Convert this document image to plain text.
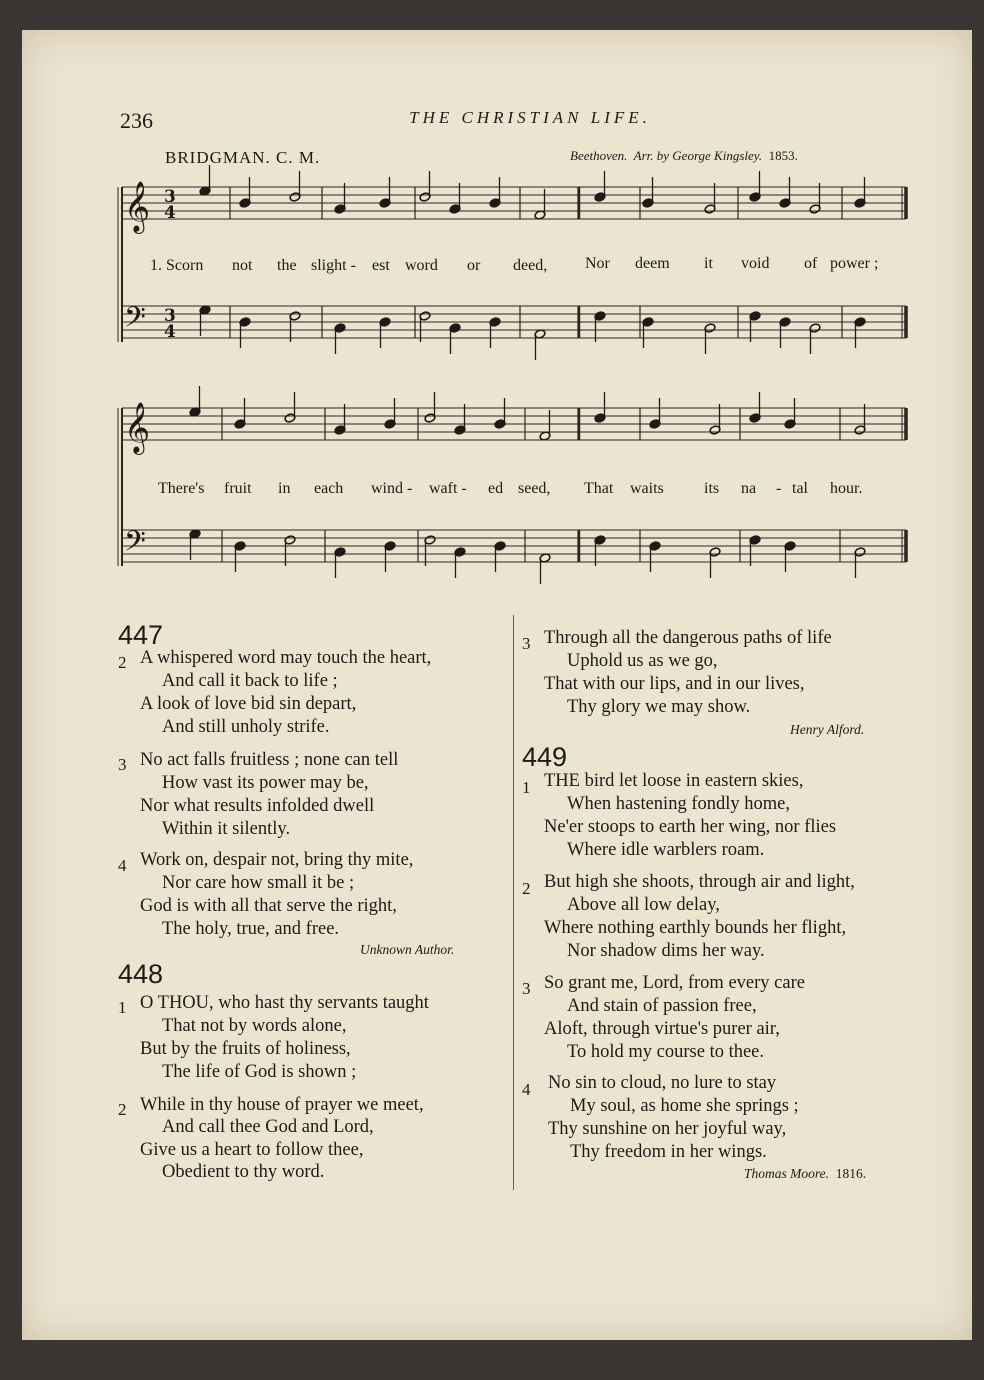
236	THE CHRISTIAN LIFE.
BRIDGMAN. C. M.	Beethoven. Arr. by George Kingsley. 1853.
𝄞
𝄞
𝄢
𝄢
3
4
3
4
1. Scorn not the slight - est word or deed, Nor deem it void of power ;
There's fruit in each wind - waft - ed seed, That waits	its na - tal hour.
447
2 A whispered word may touch the heart,
And call it back to life ;
A look of love bid sin depart,
And still unholy strife.
3 No act falls fruitless ; none can tell
How vast its power may be,
Nor what results infolded dwell
Within it silently.
4 Work on, despair not, bring thy mite,
Nor care how small it be ;
God is with all that serve the right,
The holy, true, and free.
Unknown Author.
448
1 O THOU, who hast thy servants taught
That not by words alone,
But by the fruits of holiness,
The life of God is shown ;
2 While in thy house of prayer we meet,
And call thee God and Lord,
Give us a heart to follow thee,
Obedient to thy word.
3 Through all the dangerous paths of life
Uphold us as we go,
That with our lips, and in our lives,
Thy glory we may show.
Henry Alford.
449
1 THE bird let loose in eastern skies,
When hastening fondly home,
Ne'er stoops to earth her wing, nor flies
Where idle warblers roam.
2 But high she shoots, through air and light,
Above all low delay,
Where nothing earthly bounds her flight,
Nor shadow dims her way.
3 So grant me, Lord, from every care
And stain of passion free,
Aloft, through virtue's purer air,
To hold my course to thee.
4 No sin to cloud, no lure to stay
My soul, as home she springs ;
Thy sunshine on her joyful way,
Thy freedom in her wings.
Thomas Moore. 1816.
